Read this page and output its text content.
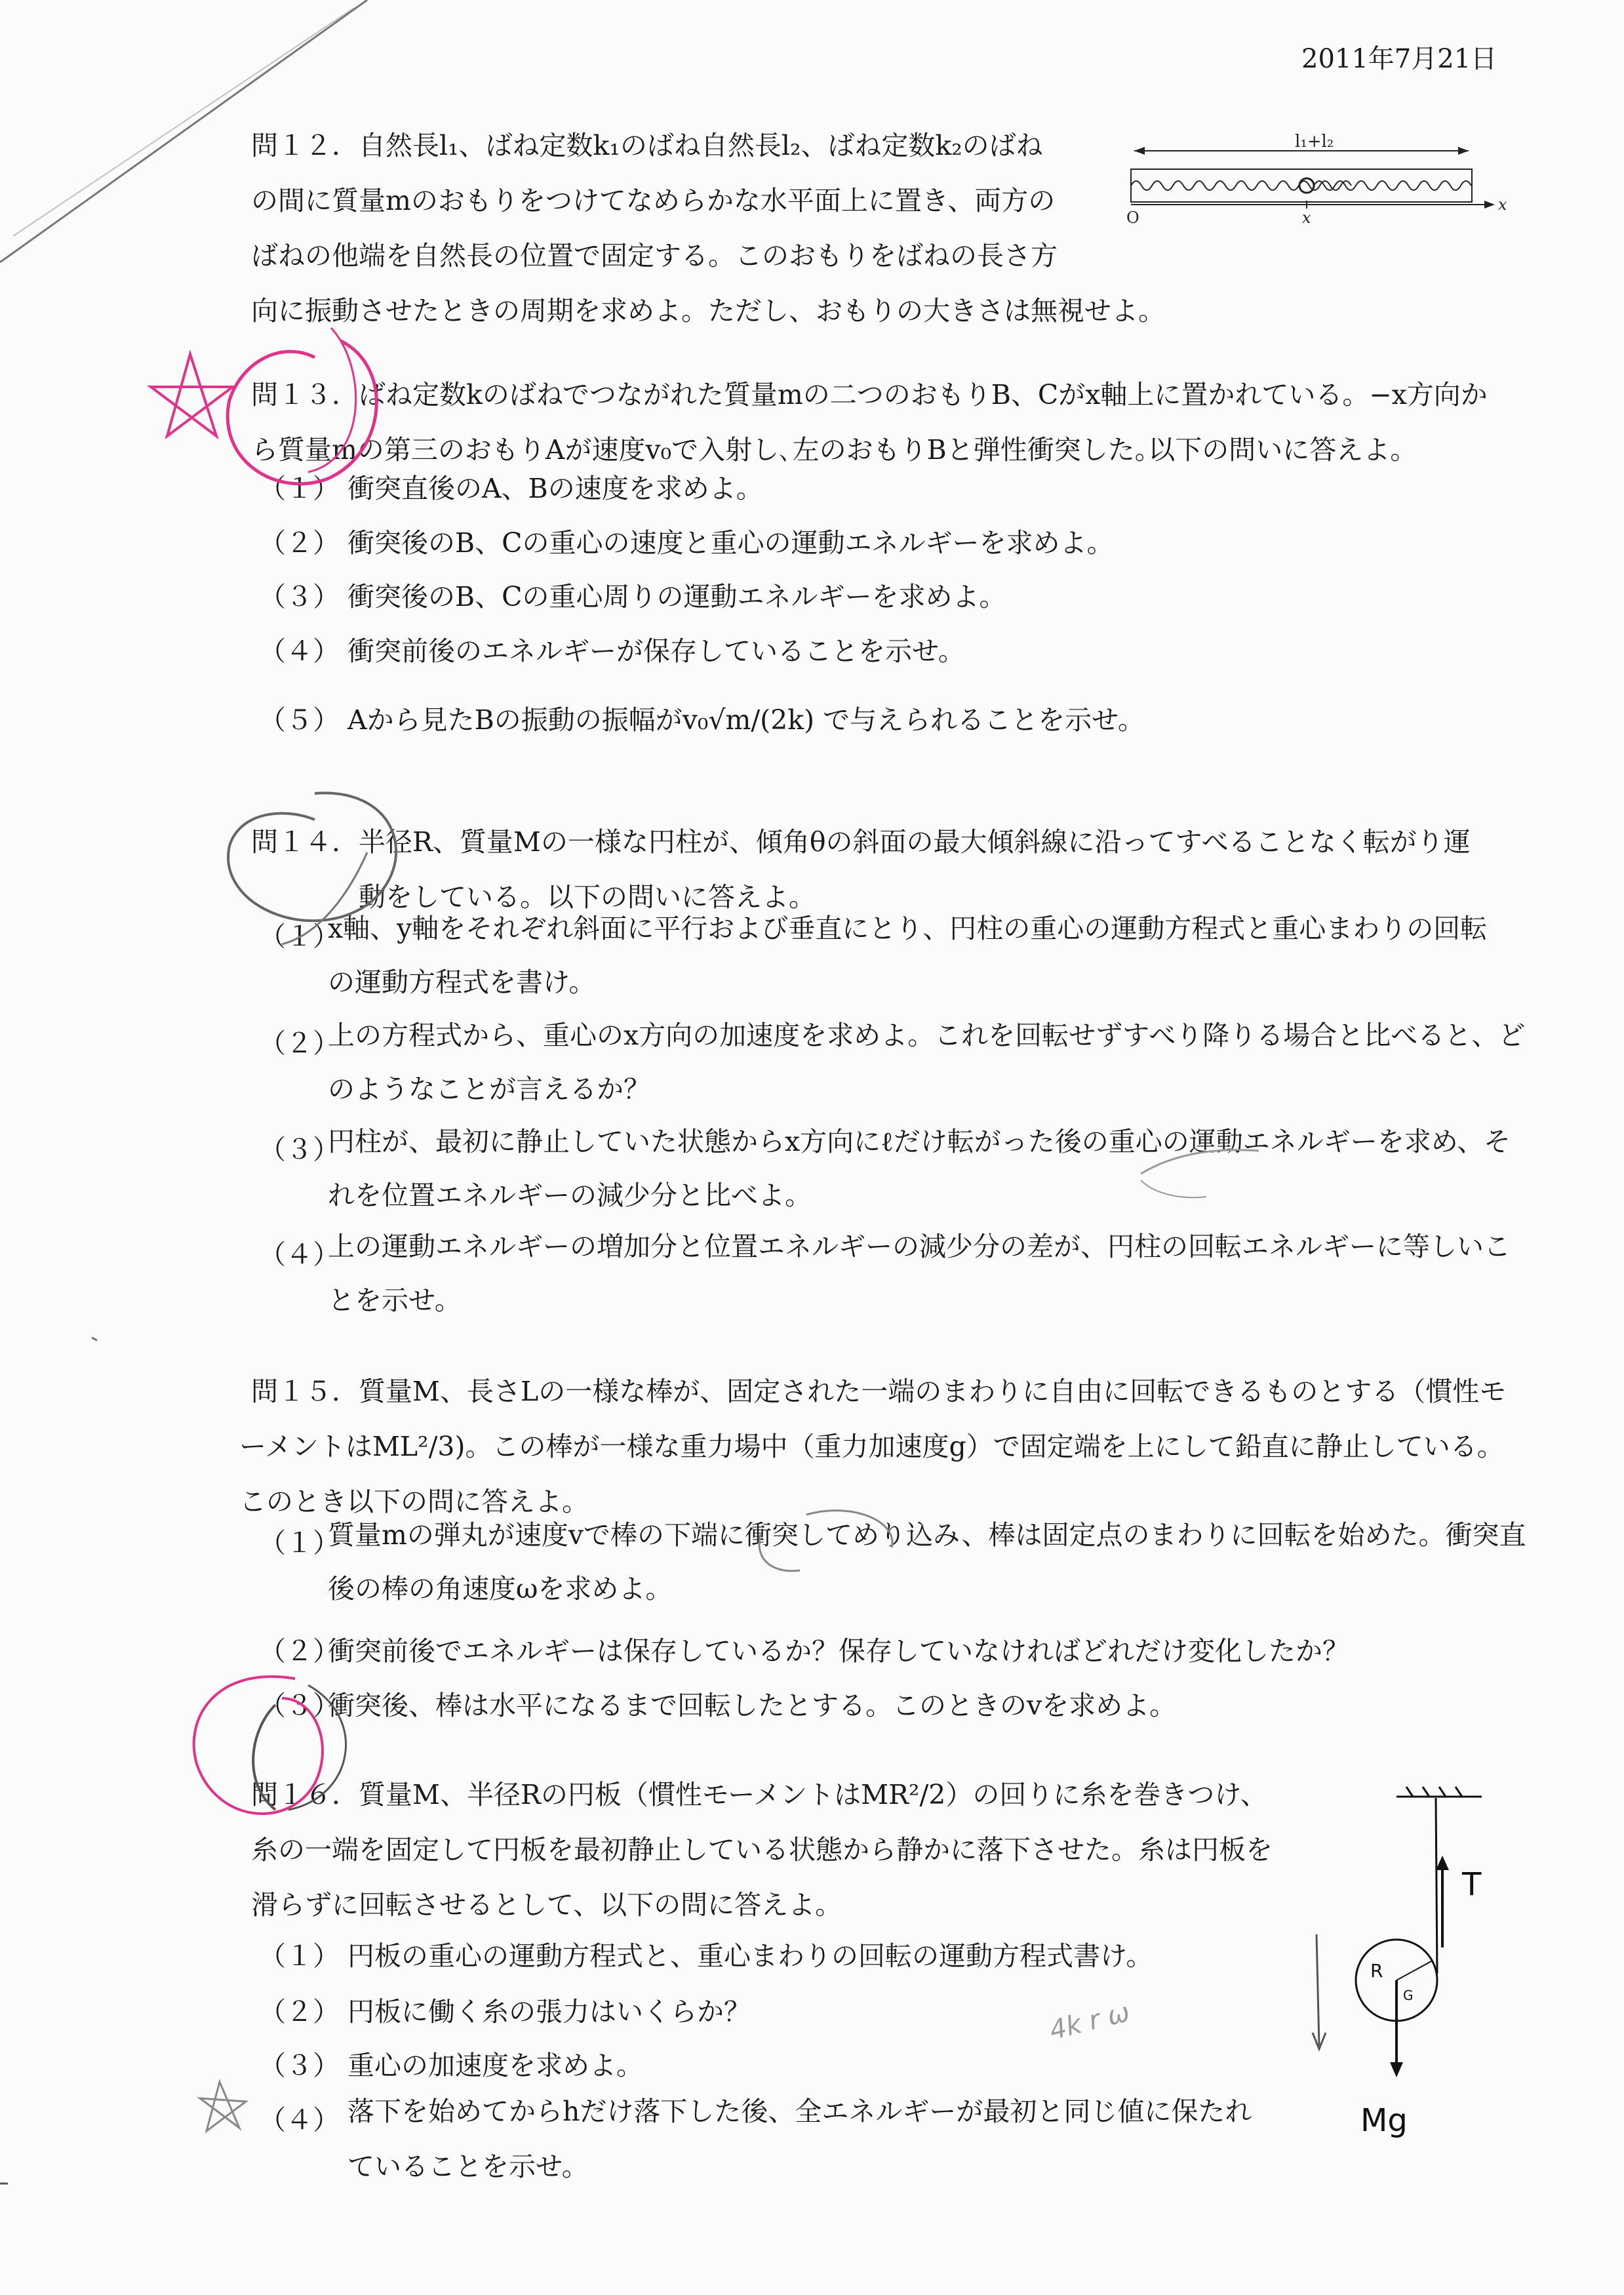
2011年7月21日
問１２．自然長l₁、ばね定数k₁のばね自然長l₂、ばね定数k₂のばね
の間に質量mのおもりをつけてなめらかな水平面上に置き、両方の
ばねの他端を自然長の位置で固定する。このおもりをばねの長さ方
向に振動させたときの周期を求めよ。ただし、おもりの大きさは無視せよ。
l₁+l₂
O	x
x
問１３．ばね定数kのばねでつながれた質量mの二つのおもりB、Cがx軸上に置かれている。−x方向か
ら質量mの第三のおもりAが速度v₀で入射し､左のおもりBと弾性衝突した｡以下の問いに答えよ。
（１） 衝突直後のA、Bの速度を求めよ。
（２） 衝突後のB、Cの重心の速度と重心の運動エネルギーを求めよ。
（３） 衝突後のB、Cの重心周りの運動エネルギーを求めよ。
（４） 衝突前後のエネルギーが保存していることを示せ。
（５） Aから見たBの振動の振幅がv₀√m/(2k) で与えられることを示せ。
問１４．半径R、質量Mの一様な円柱が、傾角θの斜面の最大傾斜線に沿ってすべることなく転がり運
　　　　動をしている。以下の問いに答えよ。
（１）
x軸、y軸をそれぞれ斜面に平行および垂直にとり、円柱の重心の運動方程式と重心まわりの回転
の運動方程式を書け。
（２）
上の方程式から、重心のx方向の加速度を求めよ。これを回転せずすべり降りる場合と比べると、ど
のようなことが言えるか？
（３）
円柱が、最初に静止していた状態からx方向にℓだけ転がった後の重心の運動エネルギーを求め、そ
れを位置エネルギーの減少分と比べよ。
（４）
上の運動エネルギーの増加分と位置エネルギーの減少分の差が、円柱の回転エネルギーに等しいこ
とを示せ。
問１５．質量M、長さLの一様な棒が、固定された一端のまわりに自由に回転できるものとする（慣性モ
ーメントはML²/3)。この棒が一様な重力場中（重力加速度g）で固定端を上にして鉛直に静止している。
このとき以下の問に答えよ。
（１）
質量mの弾丸が速度vで棒の下端に衝突してめり込み、棒は固定点のまわりに回転を始めた。衝突直
後の棒の角速度ωを求めよ。
（２）
衝突前後でエネルギーは保存しているか？保存していなければどれだけ変化したか？
（３）
衝突後、棒は水平になるまで回転したとする。このときのvを求めよ。
問１６．質量M、半径Rの円板（慣性モーメントはMR²/2）の回りに糸を巻きつけ、
糸の一端を固定して円板を最初静止している状態から静かに落下させた。糸は円板を
滑らずに回転させるとして、以下の問に答えよ。
（１） 円板の重心の運動方程式と、重心まわりの回転の運動方程式書け。
（２） 円板に働く糸の張力はいくらか？
（３） 重心の加速度を求めよ。
（４） 落下を始めてからhだけ落下した後、全エネルギーが最初と同じ値に保たれ
ていることを示せ。
T
R
G
Mg
4k r ω
